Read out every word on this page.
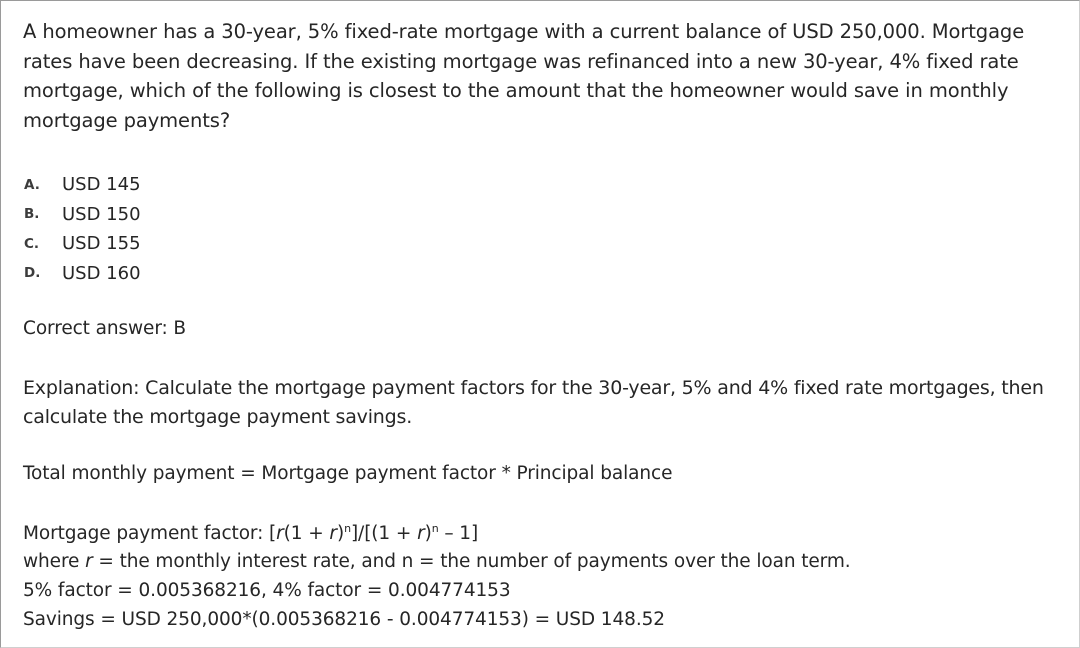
A homeowner has a 30-year, 5% fixed-rate mortgage with a current balance of USD 250,000. Mortgage rates have been decreasing. If the existing mortgage was refinanced into a new 30-year, 4% fixed rate mortgage, which of the following is closest to the amount that the homeowner would save in monthly mortgage payments?
A.	USD 145
B.	USD 150
C.	USD 155
D.	USD 160
Correct answer: B
Explanation: Calculate the mortgage payment factors for the 30-year, 5% and 4% fixed rate mortgages, then calculate the mortgage payment savings.
Total monthly payment = Mortgage payment factor * Principal balance
Mortgage payment factor: $[r(1 + r)^n]/[(1 + r)^n - 1]$
where r = the monthly interest rate, and n = the number of payments over the loan term.
5% factor = 0.005368216, 4% factor = 0.004774153
Savings = USD 250,000*(0.005368216 - 0.004774153) = USD 148.52
